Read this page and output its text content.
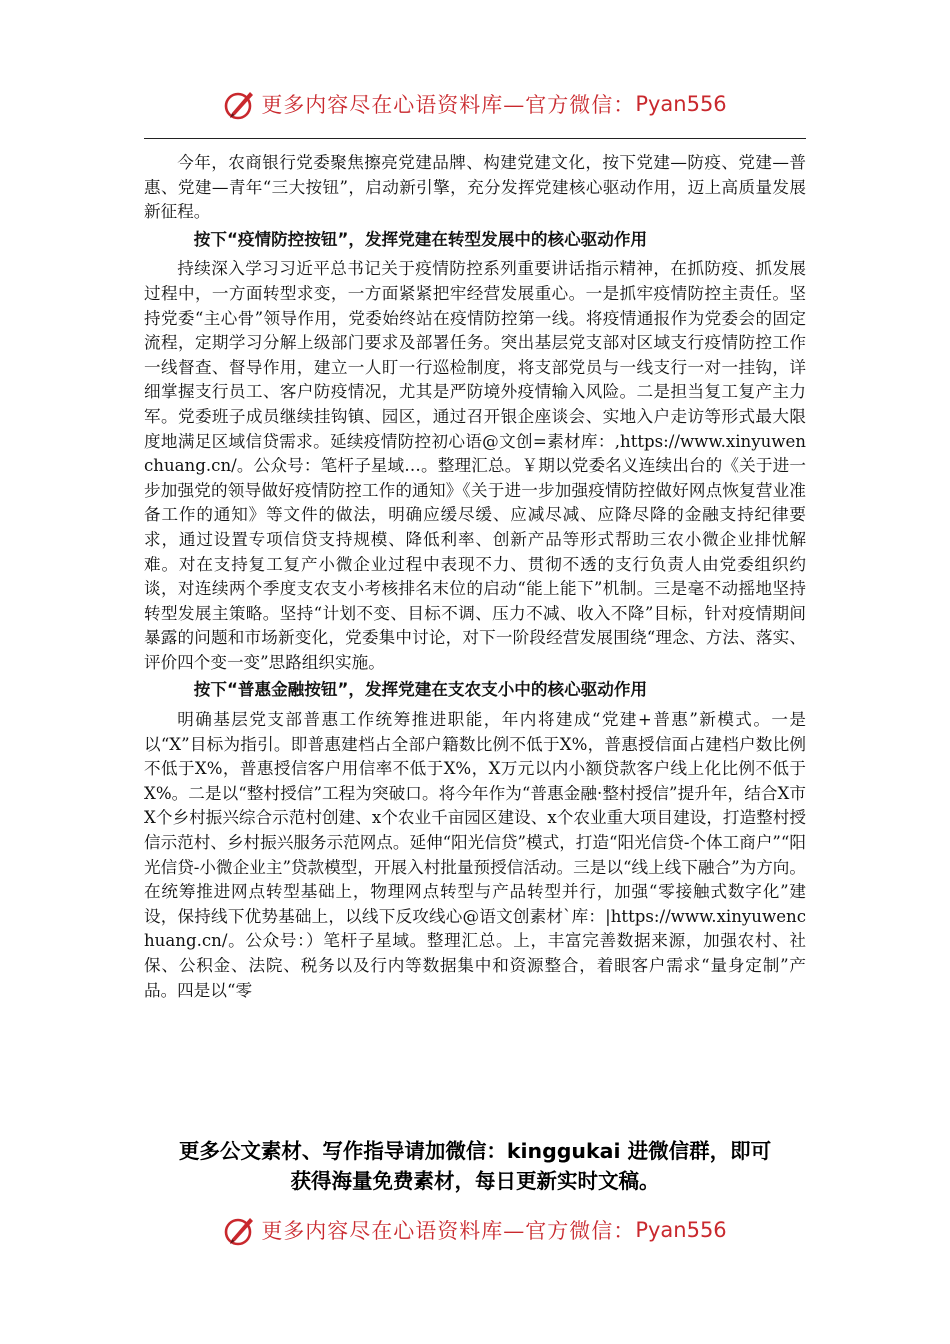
更多内容尽在心语资料库—官方微信： Pyan556

今年，农商银行党委聚焦擦亮党建品牌、构建党建文化，按下党建—防疫、党建—普惠、党建—青年“三大按钮”，启动新引擎，充分发挥党建核心驱动作用，迈上高质量发展新征程。

按下“疫情防控按钮”，发挥党建在转型发展中的核心驱动作用

持续深入学习习近平总书记关于疫情防控系列重要讲话指示精神，在抓防疫、抓发展过程中，一方面转型求变，一方面紧紧把牢经营发展重心。一是抓牢疫情防控主责任。坚持党委“主心骨”领导作用，党委始终站在疫情防控第一线。将疫情通报作为党委会的固定流程，定期学习分解上级部门要求及部署任务。突出基层党支部对区域支行疫情防控工作一线督查、督导作用，建立一人盯一行巡检制度，将支部党员与一线支行一对一挂钩，详细掌握支行员工、客户防疫情况，尤其是严防境外疫情输入风险。二是担当复工复产主力军。党委班子成员继续挂钩镇、园区，通过召开银企座谈会、实地入户走访等形式最大限度地满足区域信贷需求。延续疫情防控初心语@文创=素材库：,https://www.xinyuwenchuang.cn/。公众号：笔杆子星域…。整理汇总。￥期以党委名义连续出台的《关于进一步加强党的领导做好疫情防控工作的通知》《关于进一步加强疫情防控做好网点恢复营业准备工作的通知》等文件的做法，明确应缓尽缓、应减尽减、应降尽降的金融支持纪律要求，通过设置专项信贷支持规模、降低利率、创新产品等形式帮助三农小微企业排忧解难。对在支持复工复产小微企业过程中表现不力、贯彻不透的支行负责人由党委组织约谈，对连续两个季度支农支小考核排名末位的启动“能上能下”机制。三是毫不动摇地坚持转型发展主策略。坚持“计划不变、目标不调、压力不减、收入不降”目标，针对疫情期间暴露的问题和市场新变化，党委集中讨论，对下一阶段经营发展围绕“理念、方法、落实、评价四个变一变”思路组织实施。

按下“普惠金融按钮”，发挥党建在支农支小中的核心驱动作用

明确基层党支部普惠工作统筹推进职能，年内将建成“党建+普惠”新模式。一是以“X”目标为指引。即普惠建档占全部户籍数比例不低于X%，普惠授信面占建档户数比例不低于X%，普惠授信客户用信率不低于X%，X万元以内小额贷款客户线上化比例不低于X%。二是以“整村授信”工程为突破口。将今年作为“普惠金融·整村授信”提升年，结合X市X个乡村振兴综合示范村创建、x个农业千亩园区建设、x个农业重大项目建设，打造整村授信示范村、乡村振兴服务示范网点。延伸“阳光信贷”模式，打造“阳光信贷-个体工商户”“阳光信贷-小微企业主”贷款模型，开展入村批量预授信活动。三是以“线上线下融合”为方向。在统筹推进网点转型基础上，物理网点转型与产品转型并行，加强“零接触式数字化”建设，保持线下优势基础上，以线下反攻线心@语文创素材`库：|https://www.xinyuwenchuang.cn/。公众号：）笔杆子星域。整理汇总。上，丰富完善数据来源，加强农村、社保、公积金、法院、税务以及行内等数据集中和资源整合，着眼客户需求“量身定制”产品。四是以“零

更多公文素材、写作指导请加微信：kinggukai 进微信群，即可
获得海量免费素材，每日更新实时文稿。
更多内容尽在心语资料库—官方微信： Pyan556
